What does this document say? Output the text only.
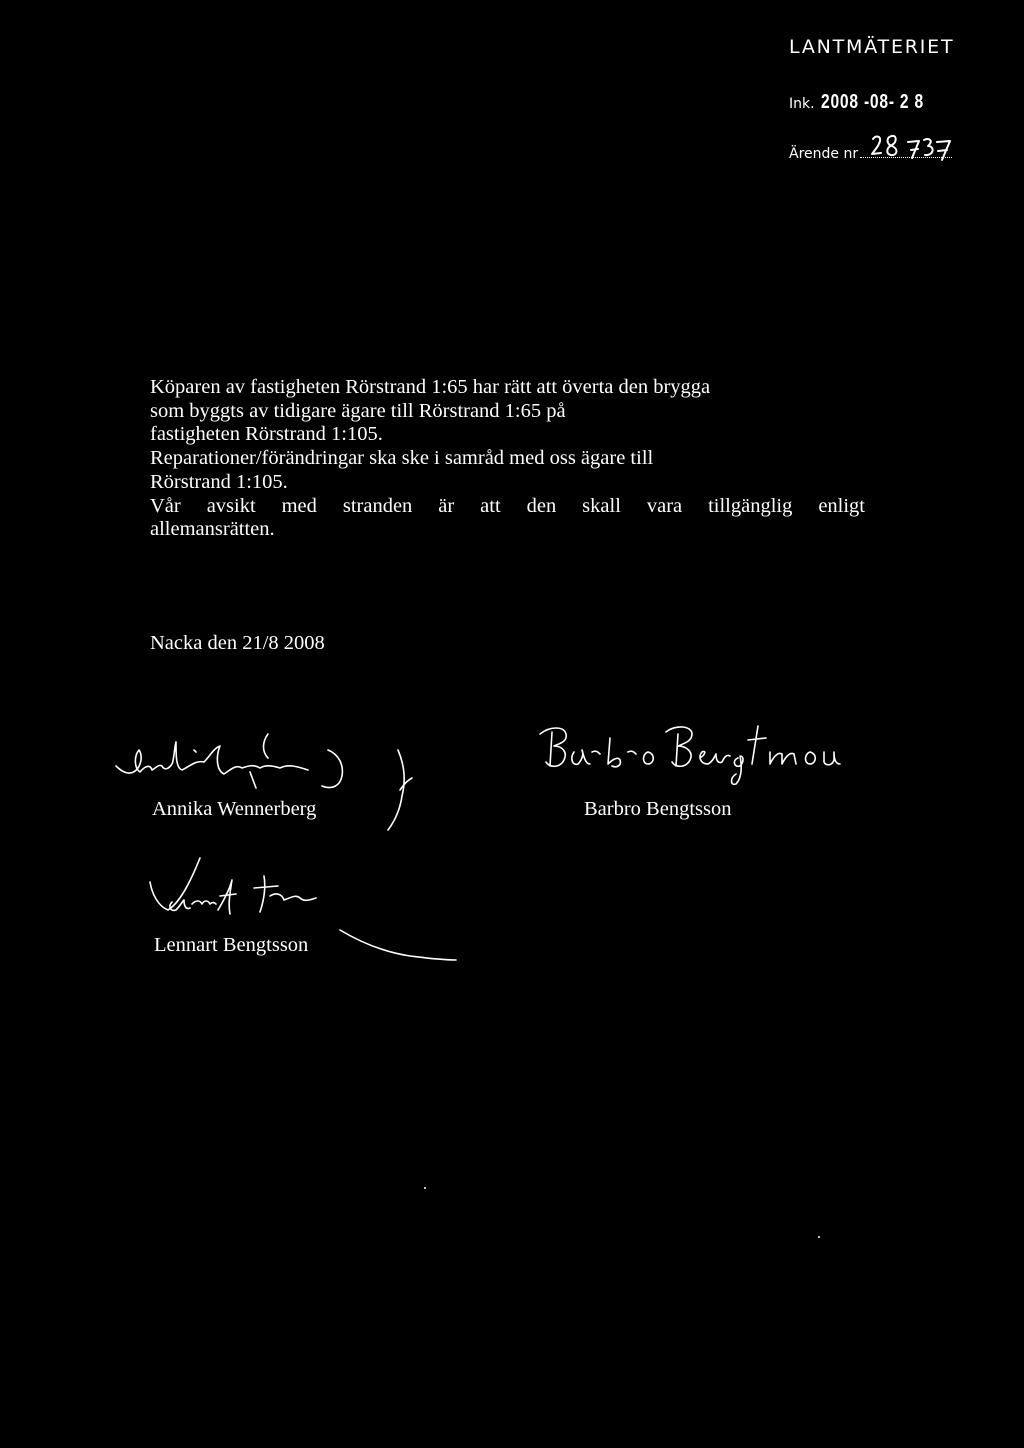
LANTMÄTERIET
Ink. 2008 -08- 2 8
Ärende nr
Köparen av fastigheten Rörstrand 1:65 har rätt att överta den brygga
som byggts av tidigare ägare till Rörstrand 1:65 på
fastigheten Rörstrand 1:105.
Reparationer/förändringar ska ske i samråd med oss ägare till
Rörstrand 1:105.
Vår avsikt med stranden är att den skall vara tillgänglig enligt
allemansrätten.
Nacka den 21/8 2008
Annika Wennerberg	Barbro Bengtsson
Lennart Bengtsson
